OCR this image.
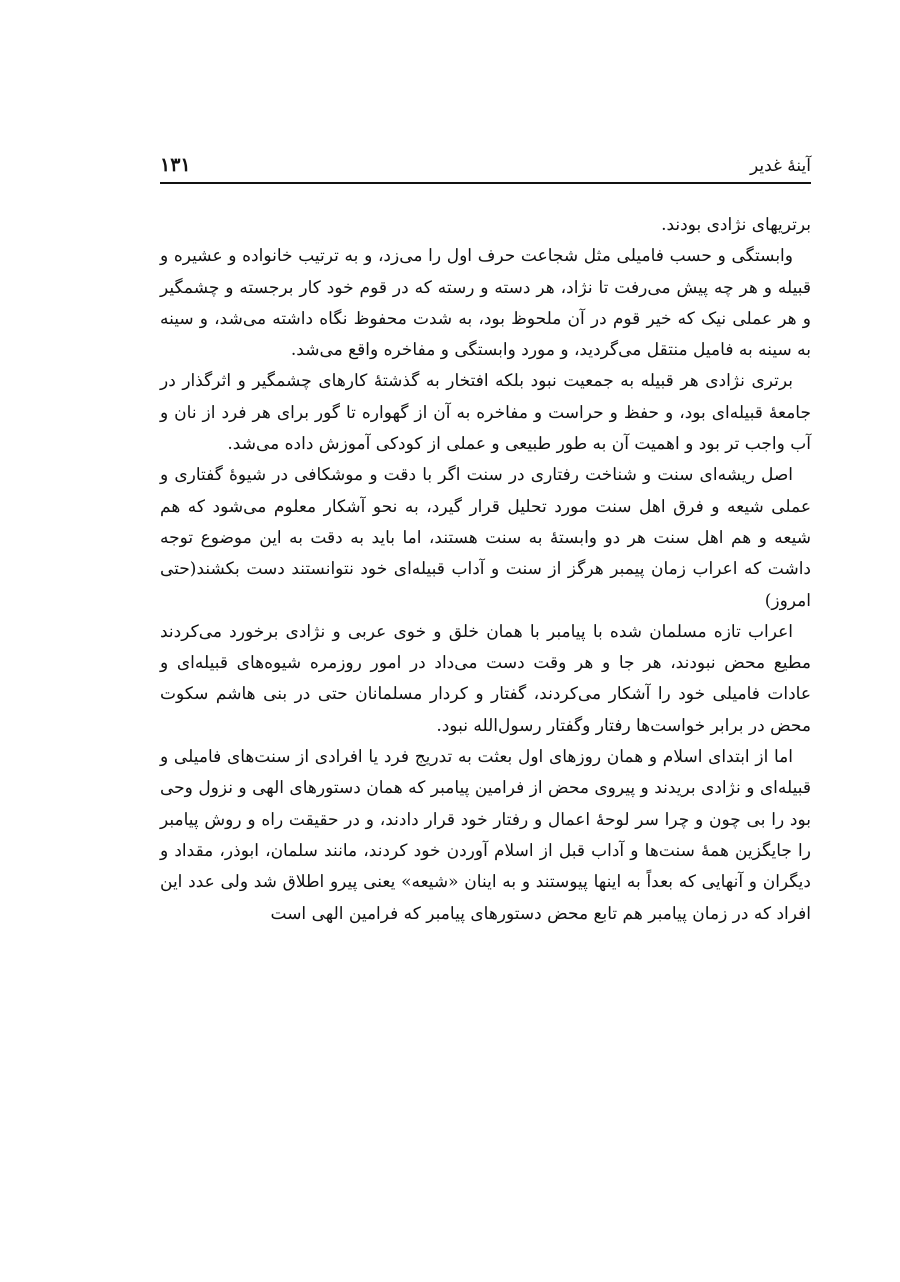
آینهٔ غدیر
۱۳۱

برتریهای نژادی بودند.

وابستگی و حسب فامیلی مثل شجاعت حرف اول را می‌زد، و به ترتیب خانواده و عشیره و قبیله و هر چه پیش می‌رفت تا نژاد، هر دسته و رسته که در قوم خود کار برجسته و چشمگیر و هر عملی نیک که خیر قوم در آن ملحوظ بود، به شدت محفوظ نگاه داشته می‌شد، و سینه به سینه به فامیل منتقل می‌گردید، و مورد وابستگی و مفاخره واقع می‌شد.

برتری نژادی هر قبیله به جمعیت نبود بلکه افتخار به گذشتهٔ کارهای چشمگیر و اثرگذار در جامعهٔ قبیله‌ای بود، و حفظ و حراست و مفاخره به آن از گهواره تا گور برای هر فرد از نان و آب واجب تر بود و اهمیت آن به طور طبیعی و عملی از کودکی آموزش داده می‌شد.

اصل ریشه‌ای سنت و شناخت رفتاری در سنت اگر با دقت و موشکافی در شیوهٔ گفتاری و عملی شیعه و فرق اهل سنت مورد تحلیل قرار گیرد، به نحو آشکار معلوم می‌شود که هم شیعه و هم اهل سنت هر دو وابستهٔ به سنت هستند، اما باید به دقت به این موضوع توجه داشت که اعراب زمان پیمبر هرگز از سنت و آداب قبیله‌ای خود نتوانستند دست بکشند(حتی امروز)

اعراب تازه مسلمان شده با پیامبر با همان خلق و خوی عربی و نژادی برخورد می‌کردند مطیع محض نبودند، هر جا و هر وقت دست می‌داد در امور روزمره شیوه‌های قبیله‌ای و عادات فامیلی خود را آشکار می‌کردند، گفتار و کردار مسلمانان حتی در بنی هاشم سکوت محض در برابر خواست‌ها رفتار وگفتار رسول‌الله نبود.

اما از ابتدای اسلام و همان روزهای اول بعثت به تدریج فرد یا افرادی از سنت‌های فامیلی و قبیله‌ای و نژادی بریدند و پیروی محض از فرامین پیامبر که همان دستورهای الهی و نزول وحی بود را بی چون و چرا سر لوحهٔ اعمال و رفتار خود قرار دادند، و در حقیقت راه و روش پیامبر را جایگزین همهٔ سنت‌ها و آداب قبل از اسلام آوردن خود کردند، مانند سلمان، ابوذر، مقداد و دیگران و آنهایی که بعداً به اینها پیوستند و به اینان «شیعه» یعنی پیرو اطلاق شد ولی عدد این افراد که در زمان پیامبر هم تابع محض دستورهای پیامبر که فرامین الهی است
